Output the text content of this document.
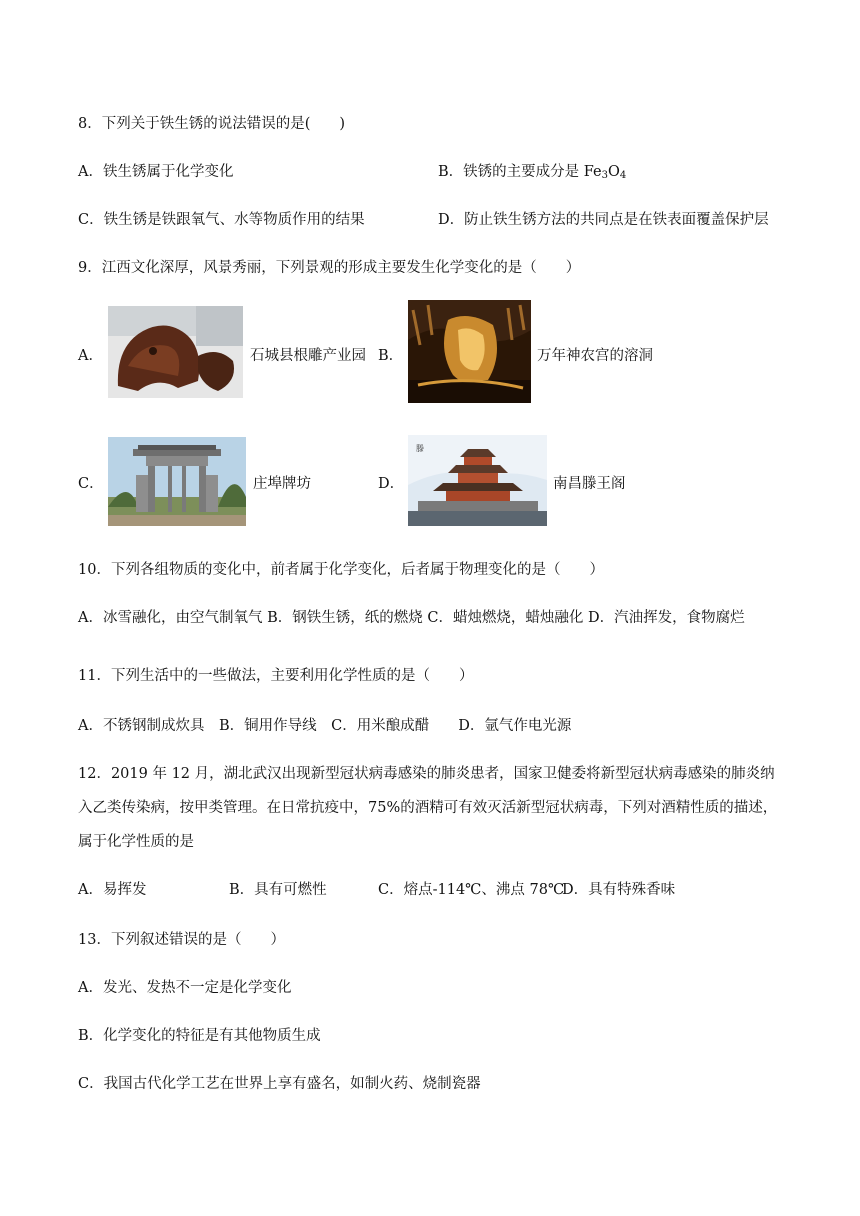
8．下列关于铁生锈的说法错误的是(　　)
A．铁生锈属于化学变化	B．铁锈的主要成分是 $Fe_3O_4$
C．铁生锈是铁跟氧气、水等物质作用的结果	D．防止铁生锈方法的共同点是在铁表面覆盖保护层
9．江西文化深厚，风景秀丽，下列景观的形成主要发生化学变化的是（　　）
A．	石城县根雕产业园 B．	万年神农宫的溶洞
C．	庄埠牌坊	D．
滕
南昌滕王阁
10．下列各组物质的变化中，前者属于化学变化，后者属于物理变化的是（　　）
A．冰雪融化，由空气制氧气 B．钢铁生锈，纸的燃烧 C．蜡烛燃烧，蜡烛融化 D．汽油挥发，食物腐烂
11．下列生活中的一些做法，主要利用化学性质的是（　　）
A．不锈钢制成炊具　B．铜用作导线　C．用米酿成醋　　D．氩气作电光源
12．2019 年 12 月，湖北武汉出现新型冠状病毒感染的肺炎患者，国家卫健委将新型冠状病毒感染的肺炎纳
入乙类传染病，按甲类管理。在日常抗疫中，75%的酒精可有效灭活新型冠状病毒，下列对酒精性质的描述，
属于化学性质的是
A．易挥发	B．具有可燃性	C．熔点-114℃、沸点 78℃
D．具有特殊香味
13．下列叙述错误的是（　　）
A．发光、发热不一定是化学变化
B．化学变化的特征是有其他物质生成
C．我国古代化学工艺在世界上享有盛名，如制火药、烧制瓷器
